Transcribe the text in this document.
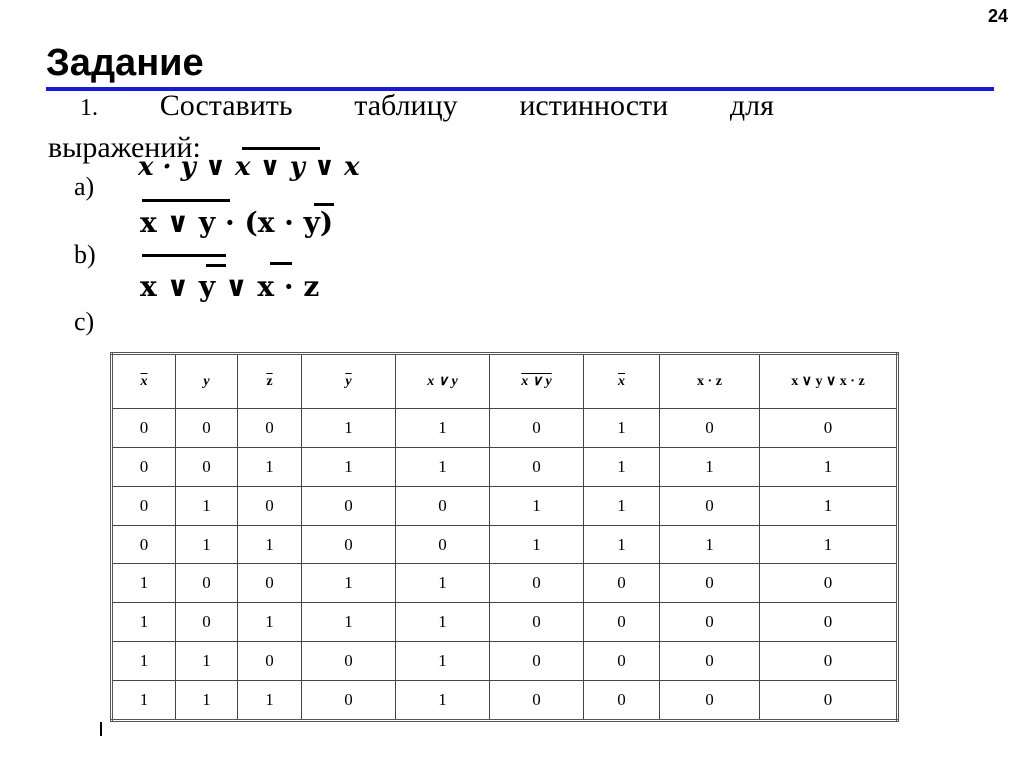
24
Задание
1. Составить таблицу истинности для
выражений:
a)
x · y ∨ x ∨ y ∨ x
b)
x ∨ y · (x · y)
c)
x ∨ y ∨ x · z
$\overline{x}$	y	$\overline{z}$	$\overline{y}$	x ∨ y	x ∨ y	$\overline{x}$	x · z	x ∨ y ∨ x · z
0	0	0	1	1	0	1	0	0
0	0	1	1	1	0	1	1	1
0	1	0	0	0	1	1	0	1
0	1	1	0	0	1	1	1	1
1	0	0	1	1	0	0	0	0
1	0	1	1	1	0	0	0	0
1	1	0	0	1	0	0	0	0
1	1	1	0	1	0	0	0	0
